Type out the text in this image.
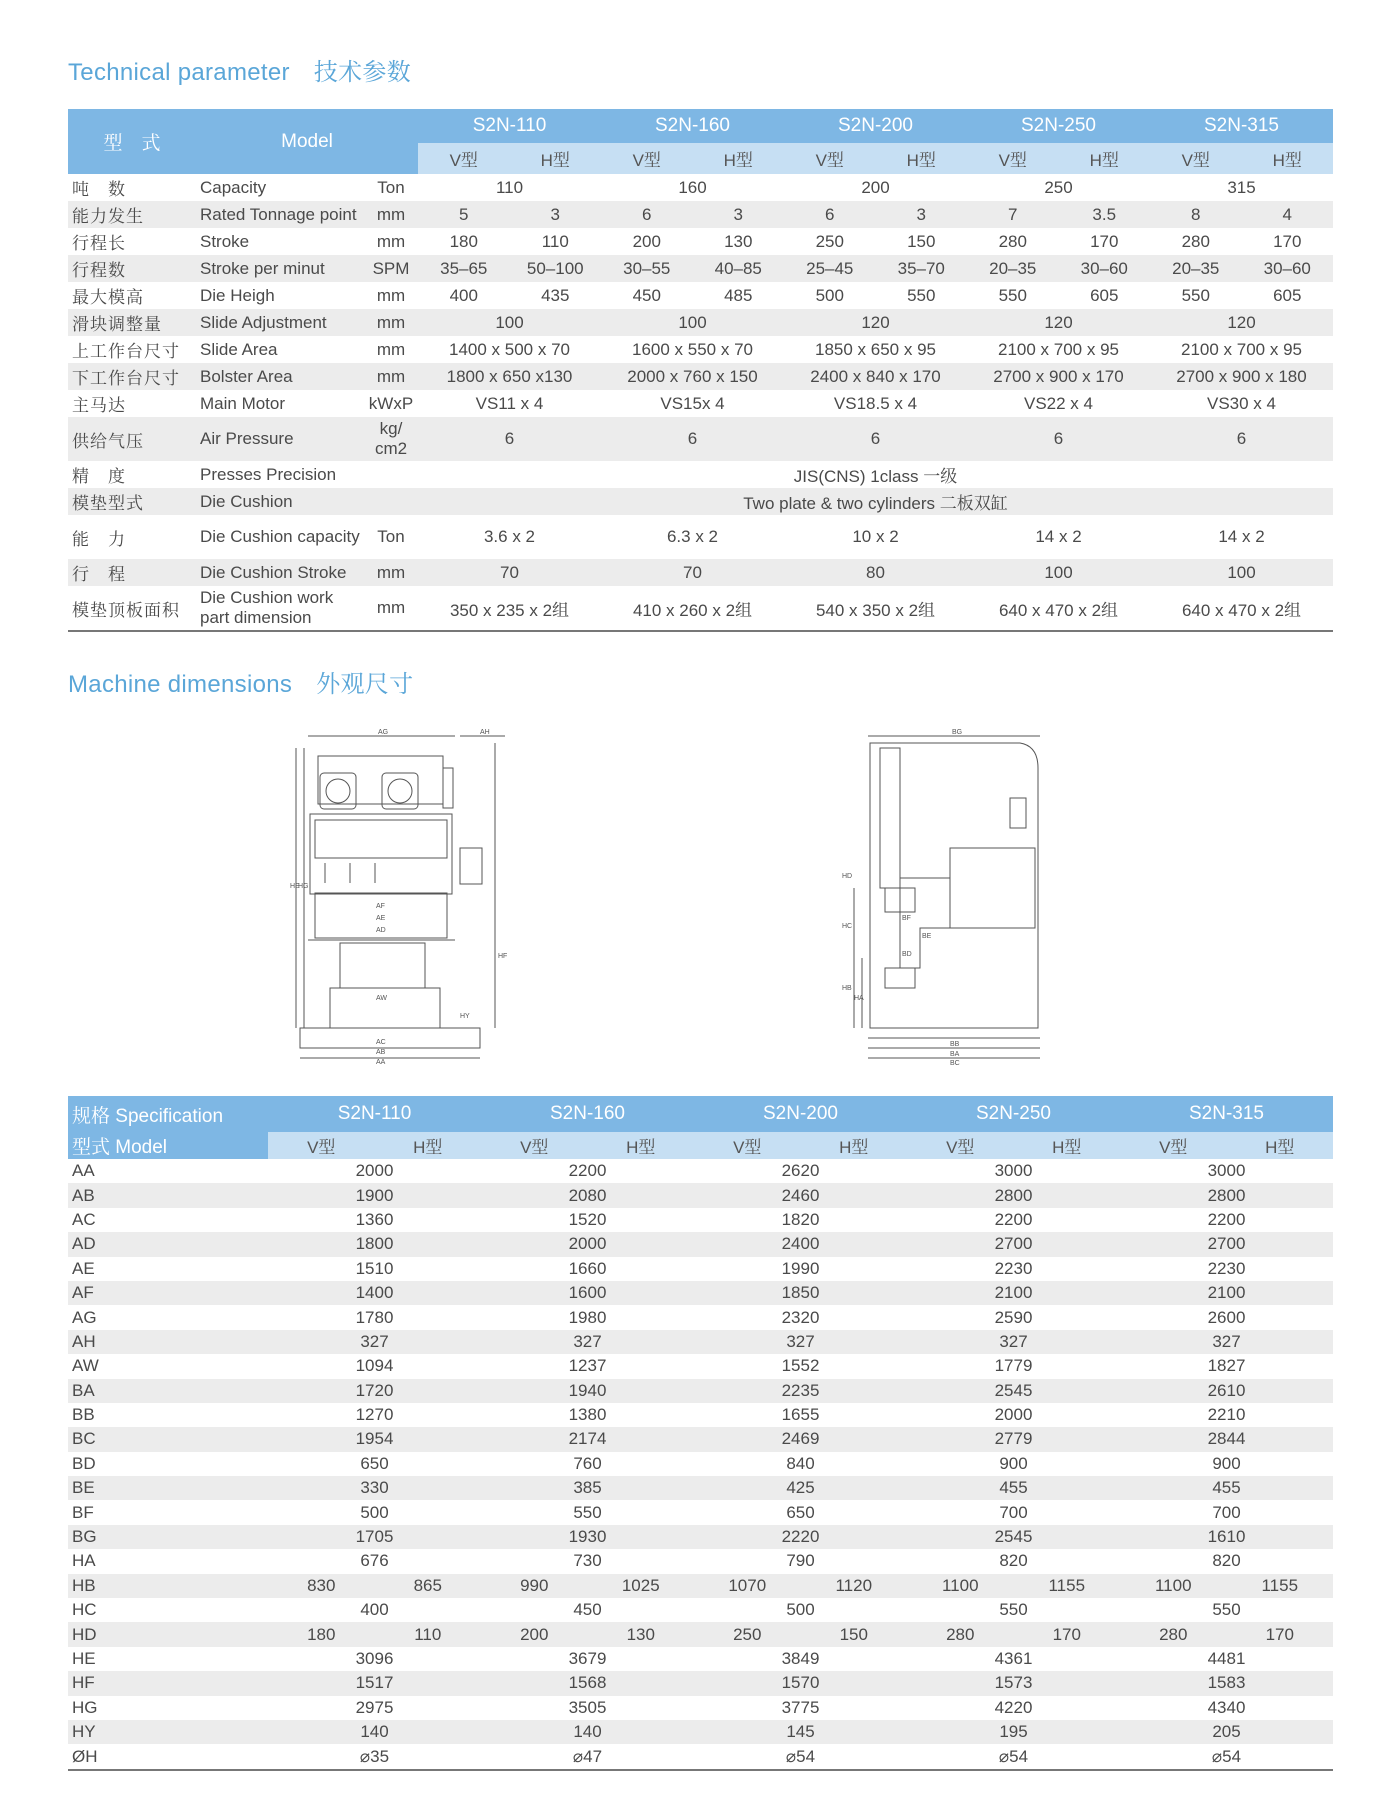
Technical parameter 技术参数
型　式	Model		S2N-110		S2N-160		S2N-200		S2N-250		S2N-315	
			V型	H型	V型	H型	V型	H型	V型	H型	V型	H型
吨　数	Capacity	Ton	110		160		200		250		315	
能力发生	Rated Tonnage point	mm	5	3	6	3	6	3	7	3.5	8	4
行程长	Stroke	mm	180	110	200	130	250	150	280	170	280	170
行程数	Stroke per minut	SPM	35–65	50–100	30–55	40–85	25–45	35–70	20–35	30–60	20–35	30–60
最大模高	Die Heigh	mm	400	435	450	485	500	550	550	605	550	605
滑块调整量	Slide Adjustment	mm	100		100		120		120		120	
上工作台尺寸	Slide Area	mm	1400 x 500 x 70		1600 x 550 x 70		1850 x 650 x 95		2100 x 700 x 95		2100 x 700 x 95	
下工作台尺寸	Bolster Area	mm	1800 x 650 x130		2000 x 760 x 150		2400 x 840 x 170		2700 x 900 x 170		2700 x 900 x 180	
主马达	Main Motor	kWxP	VS11 x 4		VS15x 4		VS18.5 x 4		VS22 x 4		VS30 x 4	
供给气压	Air Pressure	kg/ cm2	6		6		6		6		6	
精　度	Presses Precision		JIS(CNS) 1class 一级									
模垫型式	Die Cushion		Two plate & two cylinders 二板双缸									
能　力	Die Cushion capacity	Ton	3.6 x 2		6.3 x 2		10 x 2		14 x 2		14 x 2	
行　程	Die Cushion Stroke	mm	70		70		80		100		100	
模垫顶板面积	Die Cushion work part dimension	mm	350 x 235 x 2组		410 x 260 x 2组		540 x 350 x 2组		640 x 470 x 2组		640 x 470 x 2组	
Machine dimensions 外观尺寸
AG	AH
AF
AE
AD
AW
AC
AB
AA
HE
HG
HF
HY
BG
BF
BE
BD
BB
BA
BC
HD
HC
HB
HA
规格 Specification	S2N-110		S2N-160		S2N-200		S2N-250		S2N-315	
型式 Model	V型	H型	V型	H型	V型	H型	V型	H型	V型	H型
AA	2000		2200		2620		3000		3000	
AB	1900		2080		2460		2800		2800	
AC	1360		1520		1820		2200		2200	
AD	1800		2000		2400		2700		2700	
AE	1510		1660		1990		2230		2230	
AF	1400		1600		1850		2100		2100	
AG	1780		1980		2320		2590		2600	
AH	327		327		327		327		327	
AW	1094		1237		1552		1779		1827	
BA	1720		1940		2235		2545		2610	
BB	1270		1380		1655		2000		2210	
BC	1954		2174		2469		2779		2844	
BD	650		760		840		900		900	
BE	330		385		425		455		455	
BF	500		550		650		700		700	
BG	1705		1930		2220		2545		1610	
HA	676		730		790		820		820	
HB	830	865	990	1025	1070	1120	1100	1155	1100	1155
HC	400		450		500		550		550	
HD	180	110	200	130	250	150	280	170	280	170
HE	3096		3679		3849		4361		4481	
HF	1517		1568		1570		1573		1583	
HG	2975		3505		3775		4220		4340	
HY	140		140		145		195		205	
ØH	⌀35		⌀47		⌀54		⌀54		⌀54	
